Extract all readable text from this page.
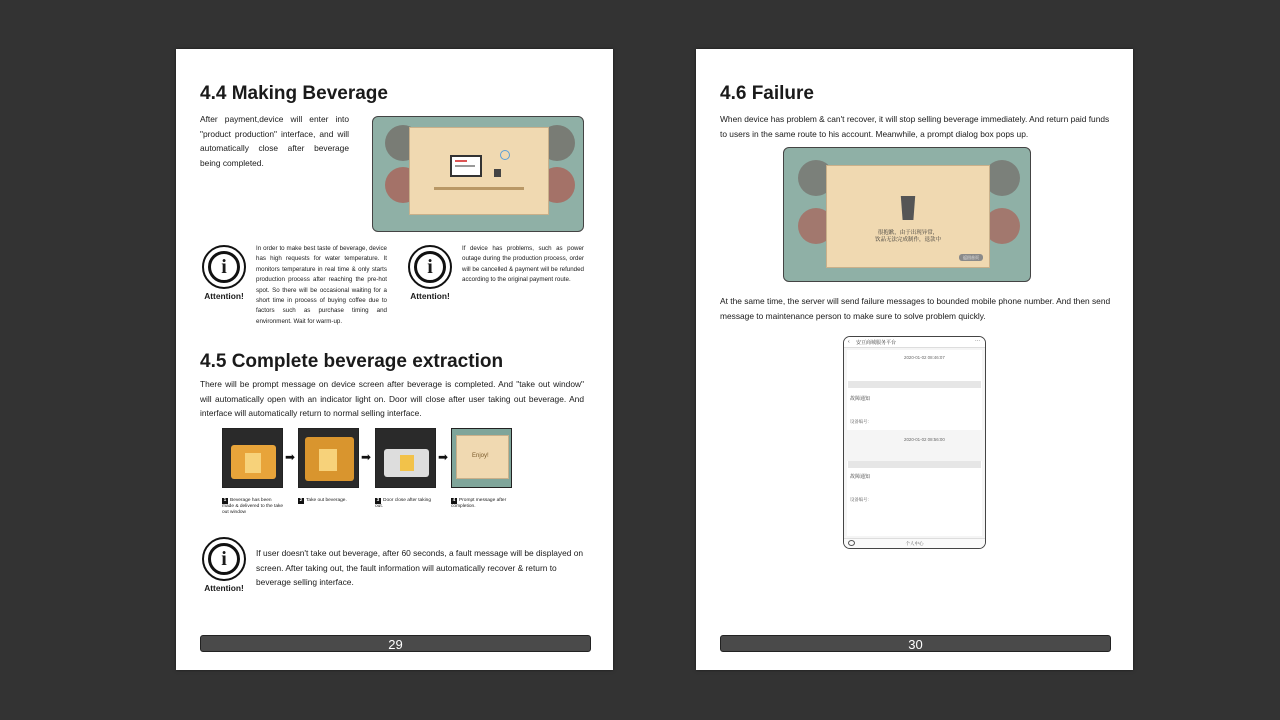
4.4 Making Beverage

After payment,device will enter into "product production" interface, and will automatically close after beverage being completed.

i
Attention!

In order to make best taste of beverage, device has high requests for water temperature. It monitors temperature in real time & only starts production process after reaching the pre-hot spot. So there will be occasional waiting for a short time in process of buying coffee due to factors such as purchase timing and environment. Wait for warm-up.

i
Attention!

If device has problems, such as power outage during the production process, order will be cancelled & payment will be refunded according to the original payment route.

4.5 Complete beverage extraction

There will be prompt message on device screen after beverage is completed. And "take out window" will automatically open with an indicator light on. Door will close after user taking out beverage. And interface will automatically return to normal selling interface.

➡	➡	➡	Enjoy!
1 Beverage has been made & delivered to the take out window
2 Take out beverage.	3 Door close after taking out.
4 Prompt message after completion.
i
Attention!

If user doesn't take out beverage, after 60 seconds, a fault message will be displayed on screen. After taking out, the fault information will automatically recover & return to beverage selling interface.

29
4.6 Failure

When device has problem & can't recover, it will stop selling beverage immediately. And return paid funds to users in the same route to his account. Meanwhile, a prompt dialog box pops up.

很抱歉，由于出现异常，
饮品无法完成制作，退款中
返回首页

At the same time, the server will send failure messages to bounded mobile phone number. And then send message to maintenance person to make sure to solve problem quickly.

‹ 安豆商城服务平台	···
2020-01-02 08:46:07
故障通知
设备编号：
2020-01-02 08:56:00
故障通知
设备编号：
个人中心
30
